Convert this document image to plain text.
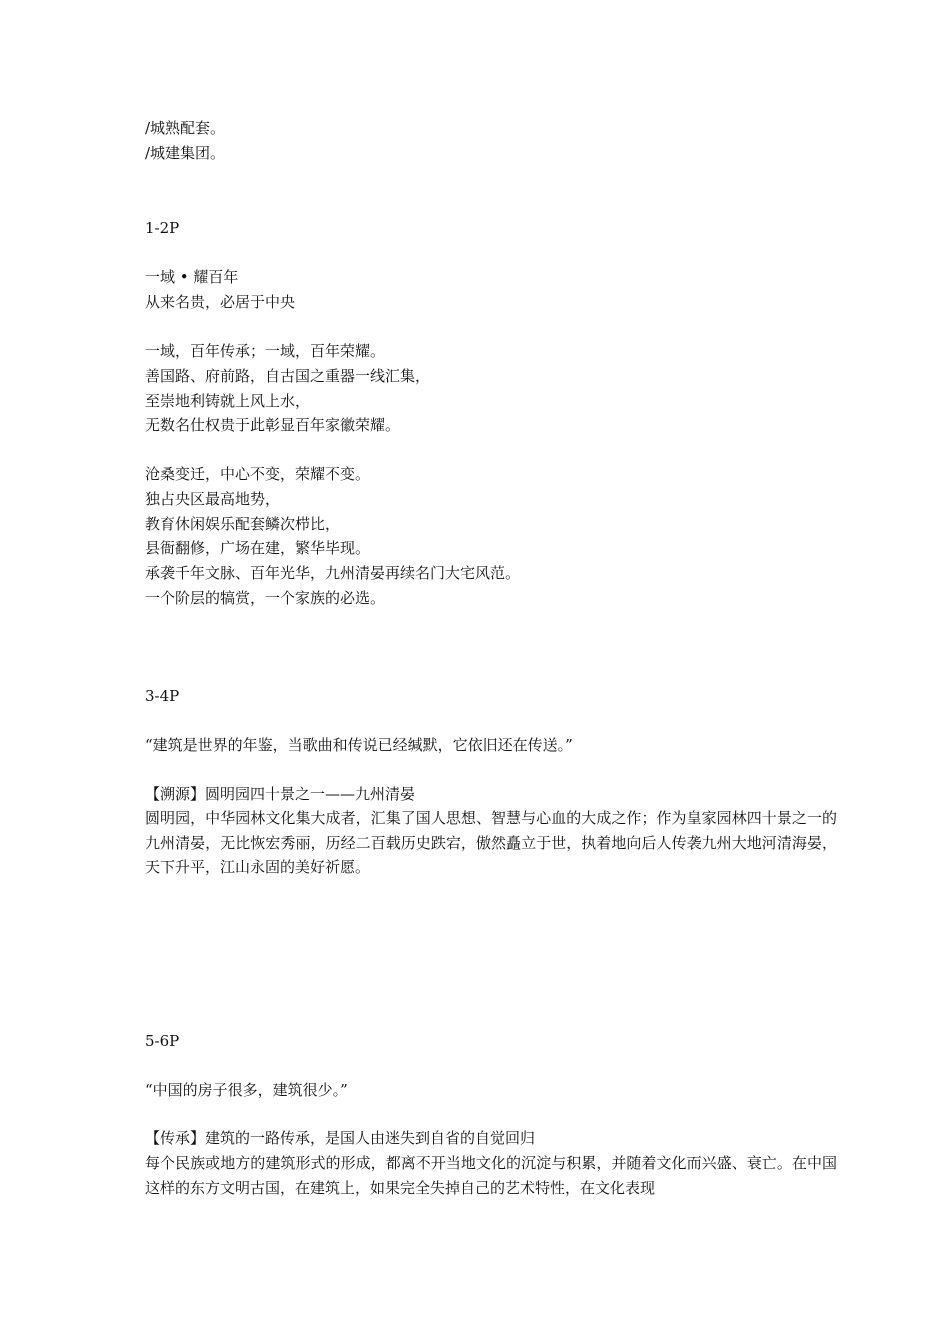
/城熟配套。
/城建集团。
1-2P
一域 • 耀百年
从来名贵，必居于中央
一域，百年传承；一域，百年荣耀。
善国路、府前路，自古国之重器一线汇集，
至崇地利铸就上风上水，
无数名仕权贵于此彰显百年家徽荣耀。
沧桑变迁，中心不变，荣耀不变。
独占央区最高地势，
教育休闲娱乐配套鳞次栉比，
县衙翻修，广场在建，繁华毕现。
承袭千年文脉、百年光华，九州清晏再续名门大宅风范。
一个阶层的犒赏，一个家族的必选。
3-4P
“建筑是世界的年鉴，当歌曲和传说已经缄默，它依旧还在传送。”
【溯源】圆明园四十景之一——九州清晏
圆明园，中华园林文化集大成者，汇集了国人思想、智慧与心血的大成之作；作为皇家园林四十景之一的九州清晏，无比恢宏秀丽，历经二百载历史跌宕，傲然矗立于世，执着地向后人传袭九州大地河清海晏，天下升平，江山永固的美好祈愿。
5-6P
“中国的房子很多，建筑很少。”
【传承】建筑的一路传承，是国人由迷失到自省的自觉回归
每个民族或地方的建筑形式的形成，都离不开当地文化的沉淀与积累，并随着文化而兴盛、衰亡。在中国这样的东方文明古国，在建筑上，如果完全失掉自己的艺术特性，在文化表现
